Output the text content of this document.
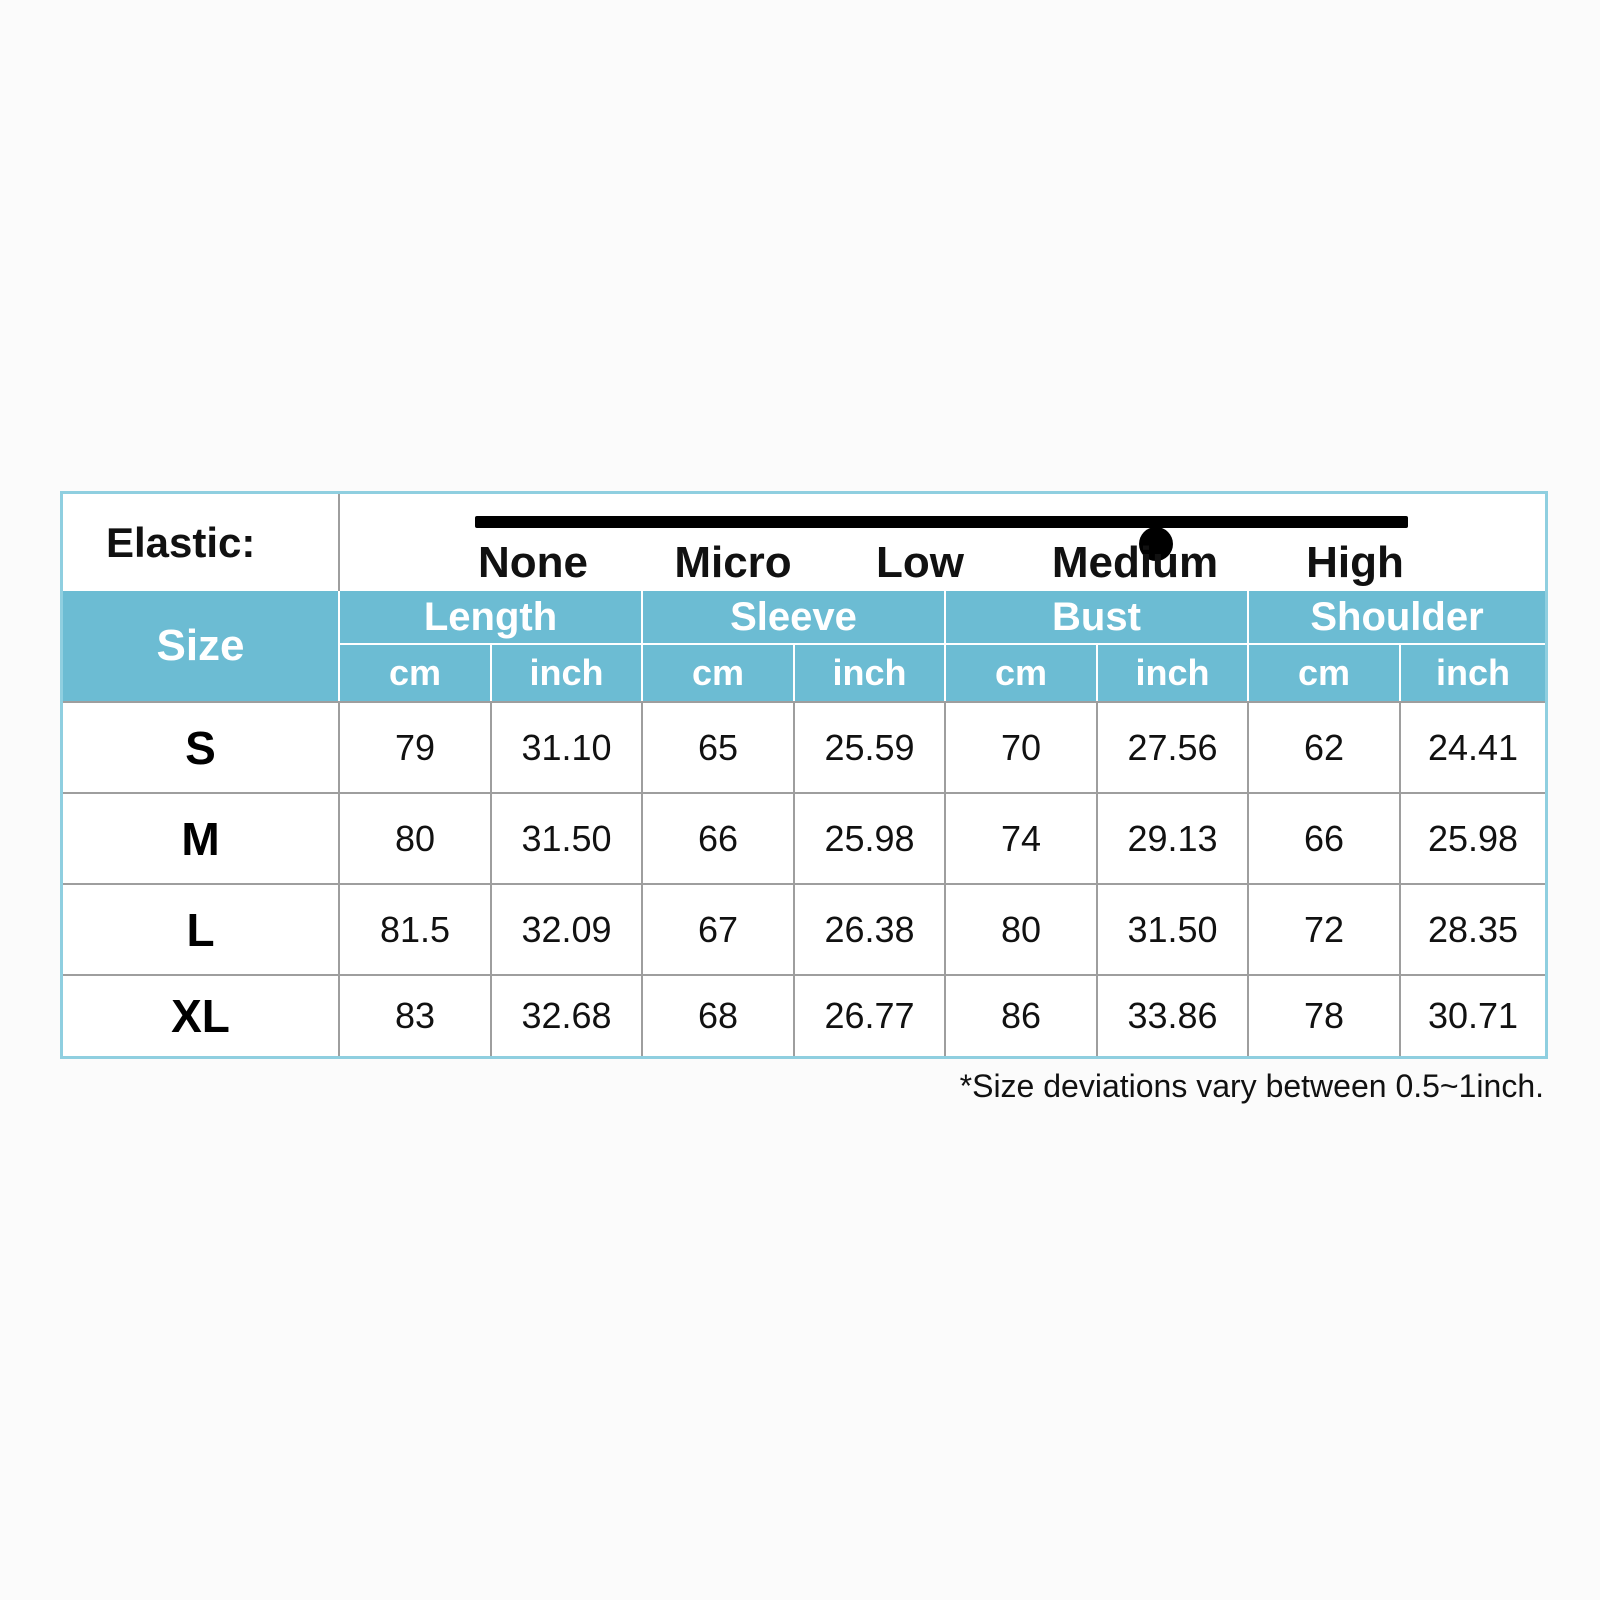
Elastic:	None Micro Low Medium High
Size
Length	Sleeve	Bust	Shoulder
cm	inch	cm	inch	cm	inch	cm	inch
S	79	31.10	65	25.59	70	27.56	62	24.41
M	80	31.50	66	25.98	74	29.13	66	25.98
L	81.5	32.09	67	26.38	80	31.50	72	28.35
XL	83	32.68	68	26.77	86	33.86	78	30.71
*Size deviations vary between 0.5~1inch.
